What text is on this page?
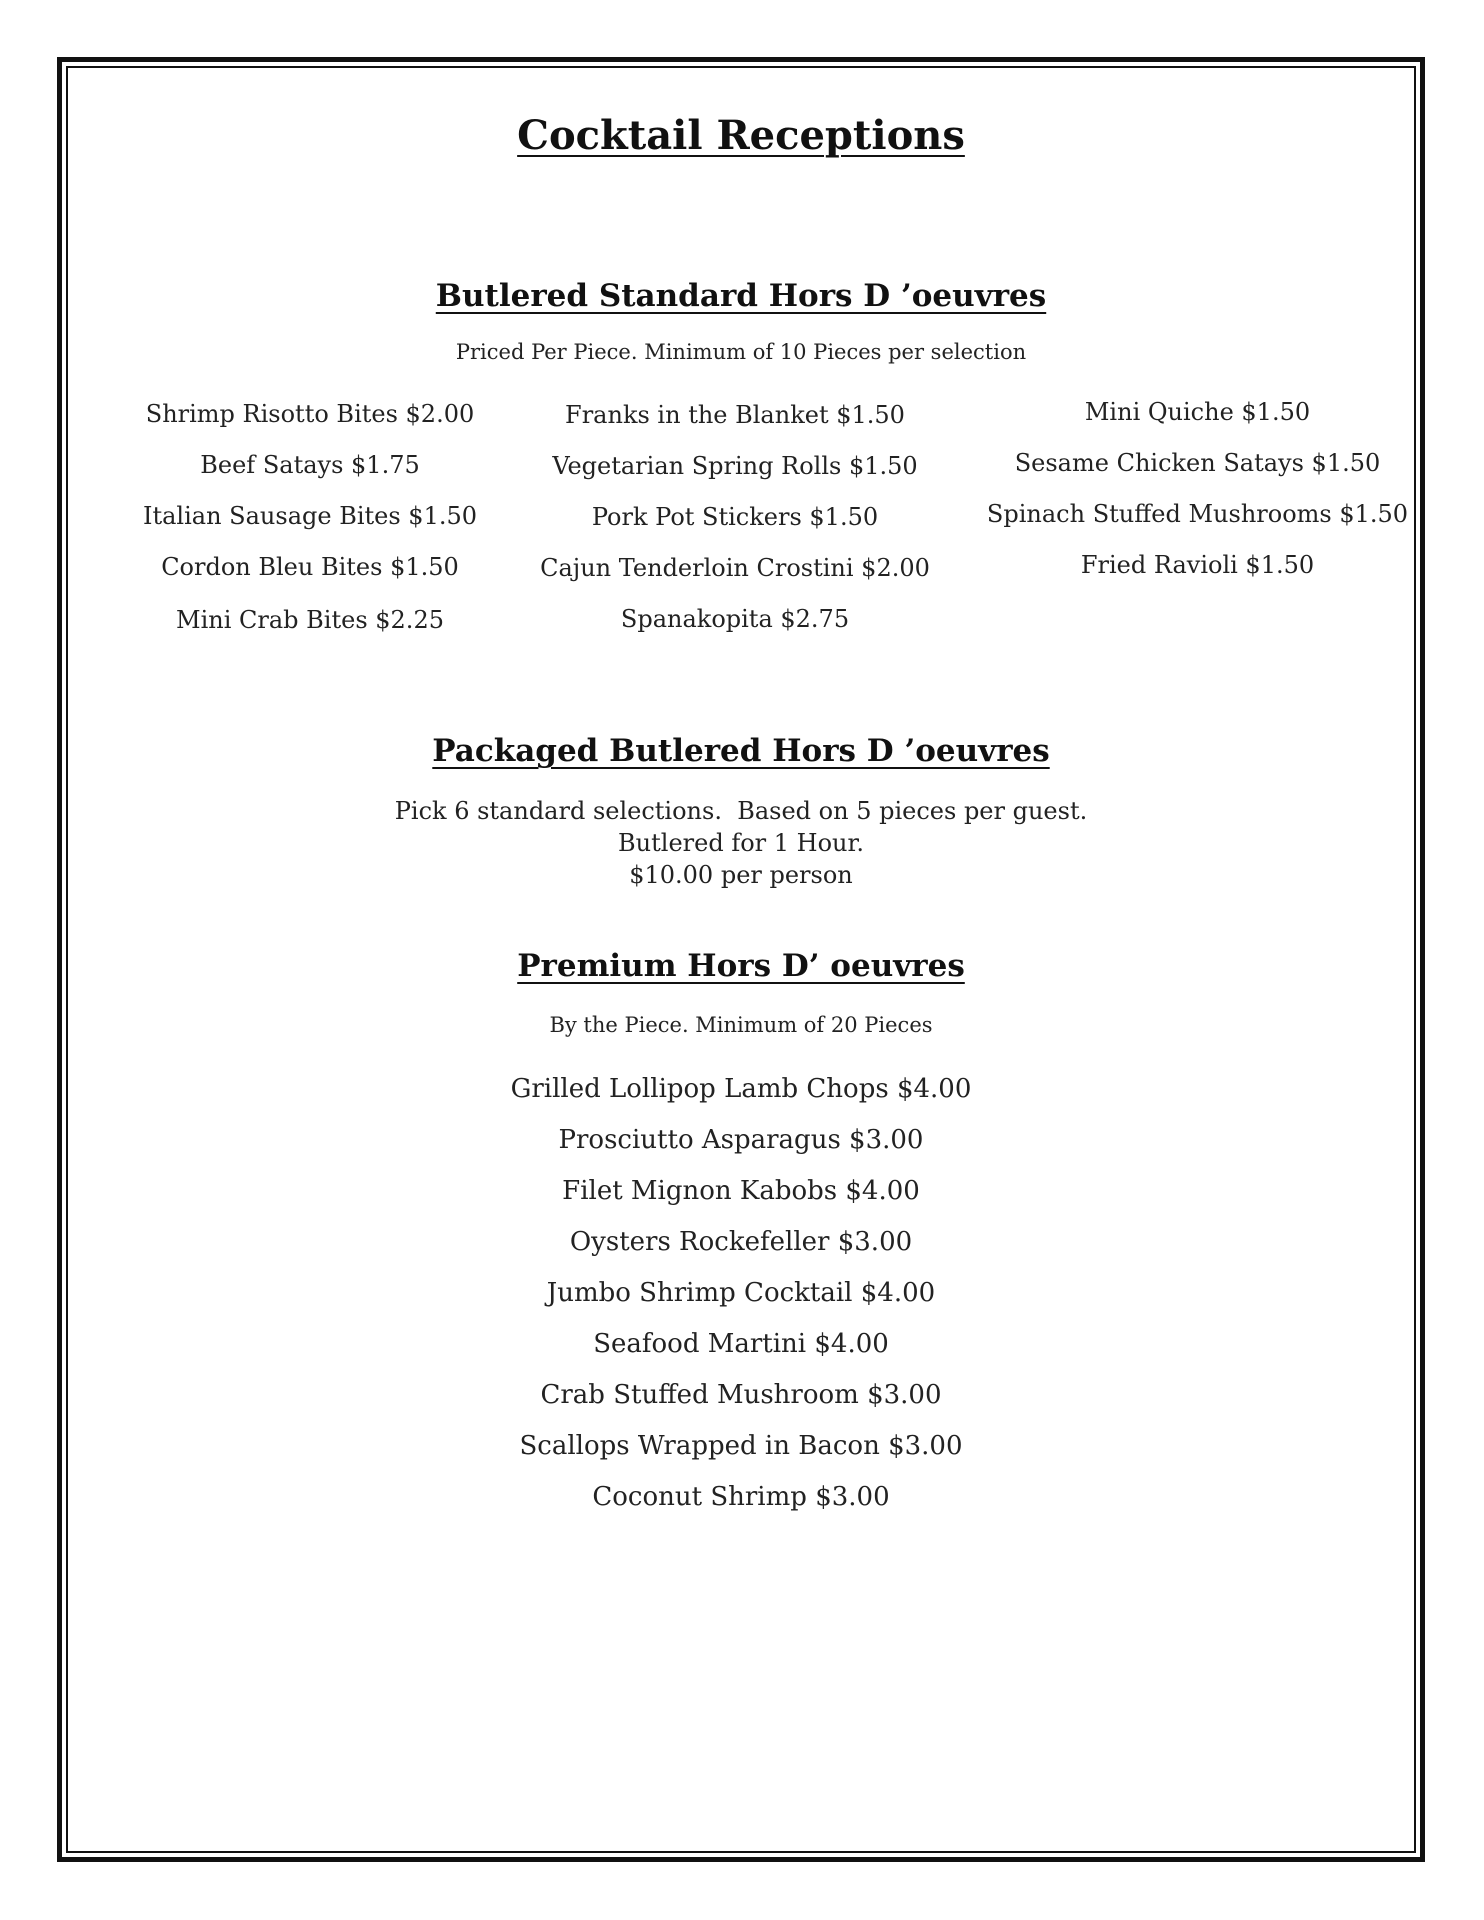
Cocktail Receptions
Butlered Standard Hors D ’oeuvres
Priced Per Piece. Minimum of 10 Pieces per selection
Shrimp Risotto Bites $2.00
Beef Satays $1.75
Italian Sausage Bites $1.50
Cordon Bleu Bites $1.50
Mini Crab Bites $2.25
Franks in the Blanket $1.50
Vegetarian Spring Rolls $1.50
Pork Pot Stickers $1.50
Cajun Tenderloin Crostini $2.00
Spanakopita $2.75
Mini Quiche $1.50
Sesame Chicken Satays $1.50
Spinach Stuffed Mushrooms $1.50
Fried Ravioli $1.50
Packaged Butlered Hors D ’oeuvres
Pick 6 standard selections.  Based on 5 pieces per guest.
Butlered for 1 Hour.
$10.00 per person
Premium Hors D’ oeuvres
By the Piece. Minimum of 20 Pieces
Grilled Lollipop Lamb Chops $4.00
Prosciutto Asparagus $3.00
Filet Mignon Kabobs $4.00
Oysters Rockefeller $3.00
Jumbo Shrimp Cocktail $4.00
Seafood Martini $4.00
Crab Stuffed Mushroom $3.00
Scallops Wrapped in Bacon $3.00
Coconut Shrimp $3.00
